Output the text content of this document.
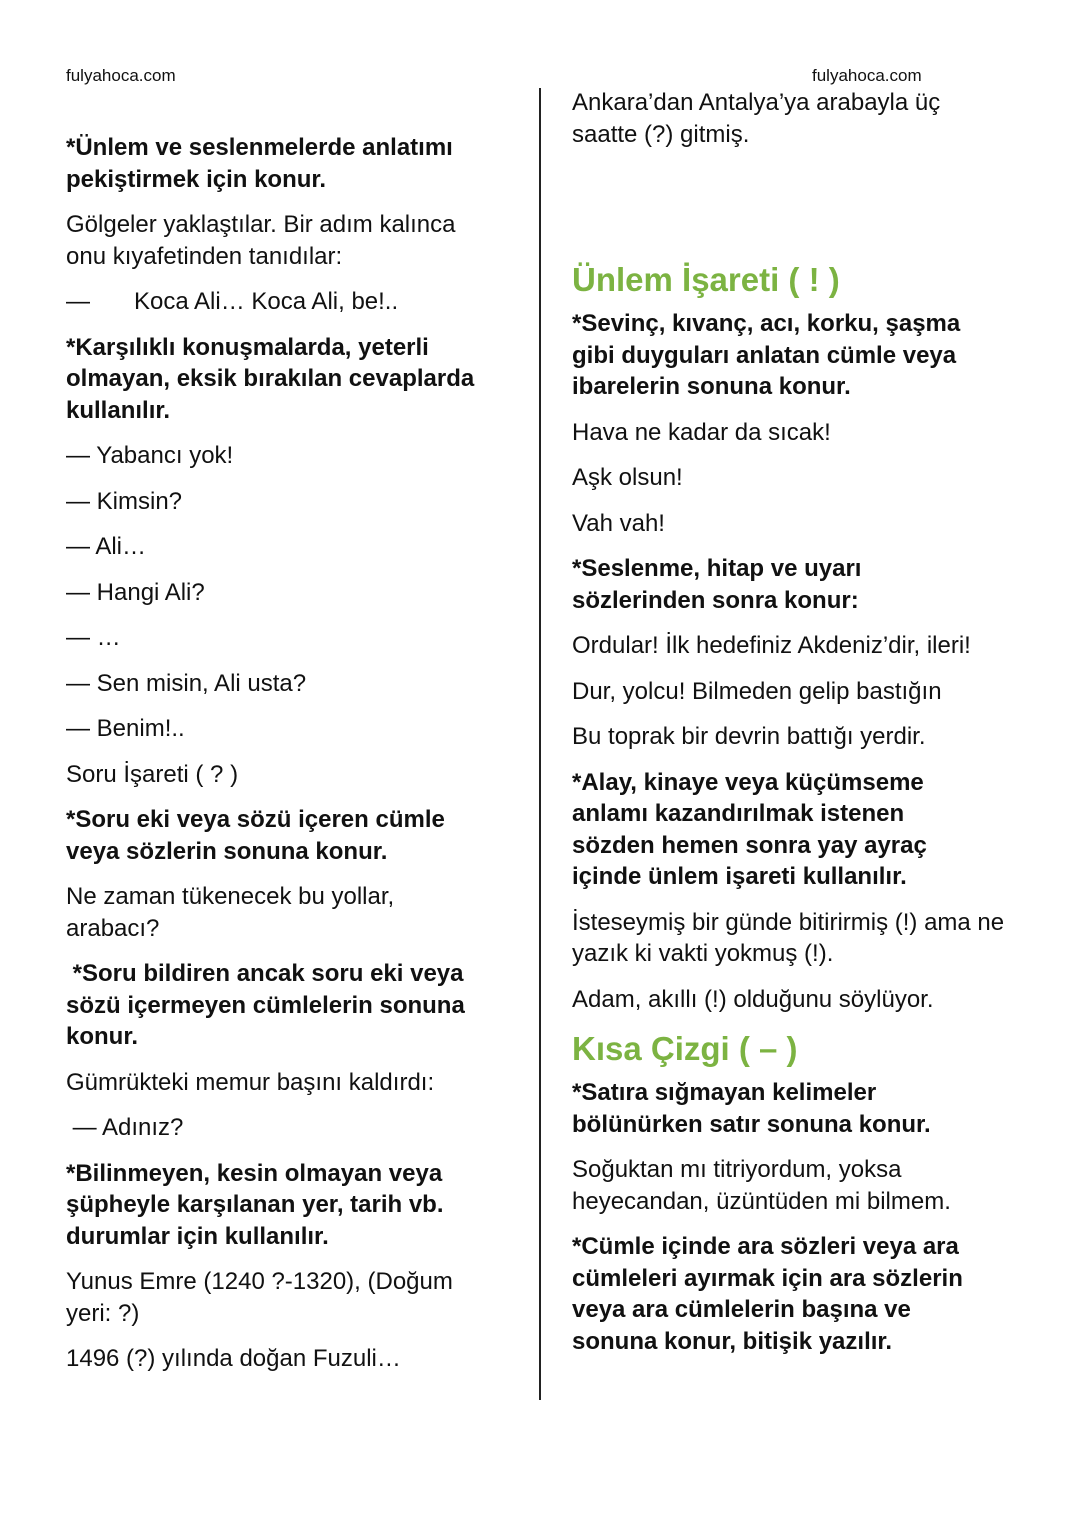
fulyahoca.com	fulyahoca.com

*Ünlem ve seslenmelerde anlatımı pekiştirmek için konur.

Gölgeler yaklaştılar. Bir adım kalınca onu kıyafetinden tanıdılar:

— Koca Ali… Koca Ali, be!..

*Karşılıklı konuşmalarda, yeterli olmayan, eksik bırakılan cevaplarda kullanılır.

— Yabancı yok!

— Kimsin?

— Ali…

— Hangi Ali?

— …

— Sen misin, Ali usta?

— Benim!..

Soru İşareti ( ? )

*Soru eki veya sözü içeren cümle veya sözlerin sonuna konur.

Ne zaman tükenecek bu yollar, arabacı?

*Soru bildiren ancak soru eki veya sözü içermeyen cümlelerin sonuna konur.

Gümrükteki memur başını kaldırdı:

— Adınız?

*Bilinmeyen, kesin olmayan veya şüpheyle karşılanan yer, tarih vb. durumlar için kullanılır.

Yunus Emre (1240 ?-1320), (Doğum yeri: ?)

1496 (?) yılında doğan Fuzuli…

Ankara’dan Antalya’ya arabayla üç saatte (?) gitmiş.

Ünlem İşareti ( ! )

*Sevinç, kıvanç, acı, korku, şaşma gibi duyguları anlatan cümle veya ibarelerin sonuna konur.

Hava ne kadar da sıcak!

Aşk olsun!

Vah vah!

*Seslenme, hitap ve uyarı sözlerinden sonra konur:

Ordular! İlk hedefiniz Akdeniz’dir, ileri!

Dur, yolcu! Bilmeden gelip bastığın

Bu toprak bir devrin battığı yerdir.

*Alay, kinaye veya küçümseme anlamı kazandırılmak istenen sözden hemen sonra yay ayraç içinde ünlem işareti kullanılır.

İsteseymiş bir günde bitirirmiş (!) ama ne yazık ki vakti yokmuş (!).

Adam, akıllı (!) olduğunu söylüyor.

Kısa Çizgi ( – )

*Satıra sığmayan kelimeler bölünürken satır sonuna konur.

Soğuktan mı titriyordum, yoksa heyecandan, üzüntüden mi bilmem.

*Cümle içinde ara sözleri veya ara cümleleri ayırmak için ara sözlerin veya ara cümlelerin başına ve sonuna konur, bitişik yazılır.
